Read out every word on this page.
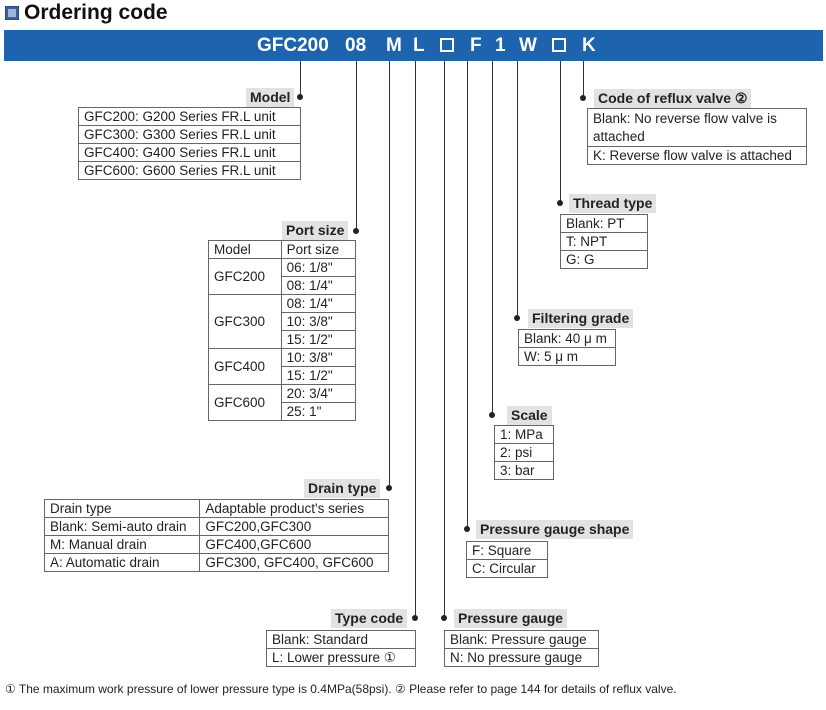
Ordering code
GFC200 08 M L F 1 W K
Model
GFC200: G200 Series FR.L unit
GFC300: G300 Series FR.L unit
GFC400: G400 Series FR.L unit
GFC600: G600 Series FR.L unit
Port size
Model	Port size
GFC200	06: 1/8"
	08: 1/4"
GFC300	08: 1/4"
	10: 3/8"
	15: 1/2"
GFC400	10: 3/8"
	15: 1/2"
GFC600	20: 3/4"
	25: 1"
Drain type
Drain type	Adaptable product's series
Blank: Semi-auto drain	GFC200,GFC300
M: Manual drain	GFC400,GFC600
A: Automatic drain	GFC300, GFC400, GFC600
Type code
Blank: Standard
L: Lower pressure ①
Pressure gauge
Blank: Pressure gauge
N: No pressure gauge
Pressure gauge shape
F: Square
C: Circular
Scale
1: MPa
2: psi
3: bar
Filtering grade
Blank: 40 μ m
W: 5 μ m
Thread type
Blank: PT
T: NPT
G: G
Code of reflux valve ②
Blank: No reverse flow valve is
attached
K: Reverse flow valve is attached
① The maximum work pressure of lower pressure type is 0.4MPa(58psi). ② Please refer to page 144 for details of reflux valve.
